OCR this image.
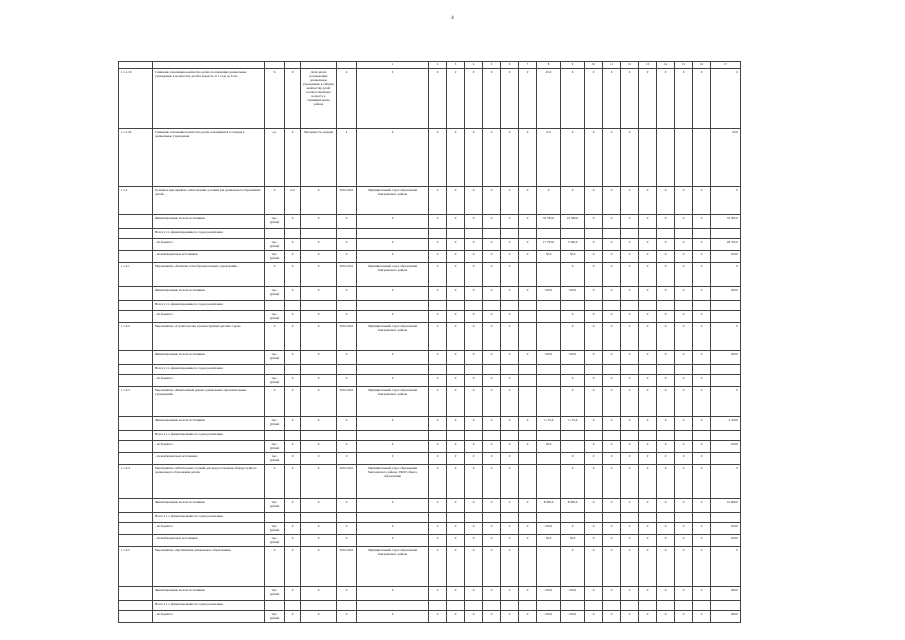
4
						1	2	3	4	5	6	7	8	9	10	11	12	13	14	15	16	17
1.1.1.19	Снижение отношения количества детей, посещающих дошкольные учреждения, к количеству детей в возрасте от 1 года до 6 лет	%	0	Доля детей, посещающих дошкольные учреждения, к общему количеству детей соответствующего возраста в муниципальном районе	4	0	0	0	0	0	0	0	45,0	0	0	0	0	0	0	0	0	0
1.1.1.20	Снижение отношения количества детей, находящихся в очереди в дошкольные учреждения	ед.	0	Численность очереди	4	0	0	0	0	0	0	0	0,0	0	0	0	0					92,0
1.1.2	Основное мероприятие «Обеспечение условий для дошкольного образования детей»	0	0,0	0	2016-2021	Муниципальный отдел образования Заиграевского района	0	0	0	0	0	0	0	0	0	0	0	0	0	0	0	0
	Финансирование из всех источников	тыс. рублей	0	0	0	0	0	0	0	0	0	0	33 785,0	23 580,0	0	0	0	0	0	0	0	53 365,0
	Всего в т.ч. финансирование по годам реализации																					
	- из бюджета	тыс. рублей	0	0	0	0	0	0	0	0	0	0	17 795,0	3 590,0	0	0	0	0	0	0	0	28 765,0
	- из внебюджетных источников	тыс. рублей	0	0	0	0	0	0	0	0	0	0	50,0	50,0	0	0	0	0	0	0	0	100,0
1.1.2.1	Мероприятие «Развитие сети образовательных учреждений»	0	0	0	2016-2021	Муниципальный отдел образования Заиграевского района	0	0	0	0	0			0	0	0	0	0	0	0	0	0
	Финансирование из всех источников	тыс. рублей	0	0	0	0	0	0	0	0	0	0	100,0	100,0	0	0	0	0	0	0	0	200,0
	Всего в т.ч. финансирование по годам реализации																					
	- из бюджета	тыс. рублей	0	0	0	0	0	0	0	0	0			0	0	0	0	0	0	0	0	
1.1.2.2	Мероприятие «Строительство и реконструкция детских садов»	0	0	0	2016-2021	Муниципальный отдел образования Заиграевского района	0	0	0	0	0			0	0	0	0	0	0	0	0	0
	Финансирование из всех источников	тыс. рублей	0	0	0	0	0	0	0	0	0	0	100,0	100,0	0	0	0	0	0	0	0	200,0
	Всего в т.ч. финансирование по годам реализации																					
	- из бюджета	тыс. рублей	0	0	0	0	0	0	0	0	0			0	0	0	0	0	0	0	0	
1.1.2.3	Мероприятие «Капитальный ремонт дошкольных образовательных учреждений»	0	0	0	2016-2021	Муниципальный отдел образования Заиграевского района	0	0	0	0	0			0	0	0	0	0	0	0	0	0
	Финансирование из всех источников	тыс. рублей	0	0	0	0	0	0	0	0	0	0	1 175,0	1 175,0	0	0	0	0	0	0	0	2 350,0
	Всего в т.ч. финансирование по годам реализации																					
	- из бюджета	тыс. рублей	0	0	0	0	0	0	0	0	0	0	50,0		0	0	0	0	0	0	0	100,0
	- из внебюджетных источников	тыс. рублей	0	0	0	0	0	0	0	0	0			0	0	0	0	0	0	0	0	
1.1.2.4	Мероприятие «Обеспечение условий для предоставления общедоступного дошкольного образования детей»	0	0	0	2016-2021	Муниципальный отдел образования Заиграевского района, ГБОУ общего образования	0	0	0	0	0			0	0	0	0	0	0	0	0	0
	Финансирование из всех источников	тыс. рублей	0	0	0	0	0	0	0	0	0	0	8 000,0	8 000,0	0	0	0	0	0	0	0	16 000,0
	Всего в т.ч. финансирование по годам реализации																					
	- из бюджета	тыс. рублей	0	0	0	0	0	0	0	0	0	0	100,0	0	0	0	0	0	0	0	0	100,0
	- из внебюджетных источников	тыс. рублей	0	0	0	0	0	0	0	0	0	0	50,0	50,0	0	0	0	0	0	0	0	100,0
1.1.2.5	Мероприятие «Организация дошкольного образования»	0	0	0	2016-2021	Муниципальный отдел образования Заиграевского района	0	0	0	0	0			0	0	0	0	0	0	0	0	0
	Финансирование из всех источников	тыс. рублей	0	0	0	0	0	0	0	0	0	0	100,0	100,0	0	0	0	0	0	0	0	200,0
	Всего в т.ч. финансирование по годам реализации																					
	- из бюджета	тыс. рублей	0	0	0	0	0	0	0	0	0	0	100,0	100,0	0	0	0	0	0	0	0	200,0
